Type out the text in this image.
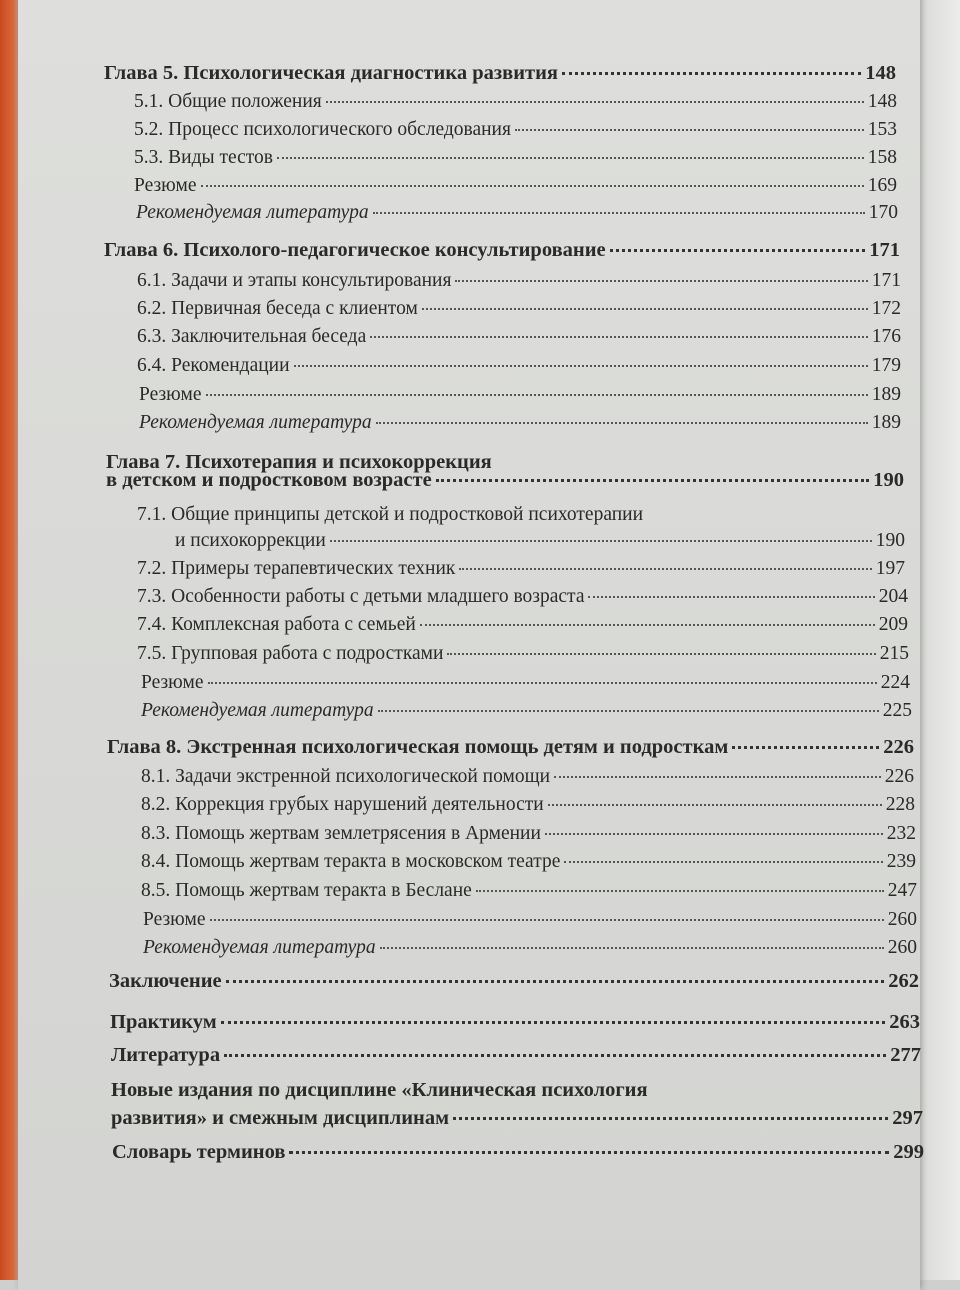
Глава 5. Психологическая диагностика развития	148
5.1. Общие положения	148
5.2. Процесс психологического обследования	153
5.3. Виды тестов	158
Резюме	169
Рекомендуемая литература	170
Глава 6. Психолого-педагогическое консультирование	171
6.1. Задачи и этапы консультирования	171
6.2. Первичная беседа с клиентом	172
6.3. Заключительная беседа	176
6.4. Рекомендации	179
Резюме	189
Рекомендуемая литература	189
Глава 7. Психотерапия и психокоррекция
в детском и подростковом возрасте	190
7.1. Общие принципы детской и подростковой психотерапии
и психокоррекции	190
7.2. Примеры терапевтических техник	197
7.3. Особенности работы с детьми младшего возраста	204
7.4. Комплексная работа с семьей	209
7.5. Групповая работа с подростками	215
Резюме	224
Рекомендуемая литература	225
Глава 8. Экстренная психологическая помощь детям и подросткам	226
8.1. Задачи экстренной психологической помощи	226
8.2. Коррекция грубых нарушений деятельности	228
8.3. Помощь жертвам землетрясения в Армении	232
8.4. Помощь жертвам теракта в московском театре	239
8.5. Помощь жертвам теракта в Беслане	247
Резюме	260
Рекомендуемая литература	260
Заключение	262
Практикум	263
Литература	277
Новые издания по дисциплине «Клиническая психология
развития» и смежным дисциплинам	297
Словарь терминов	299
